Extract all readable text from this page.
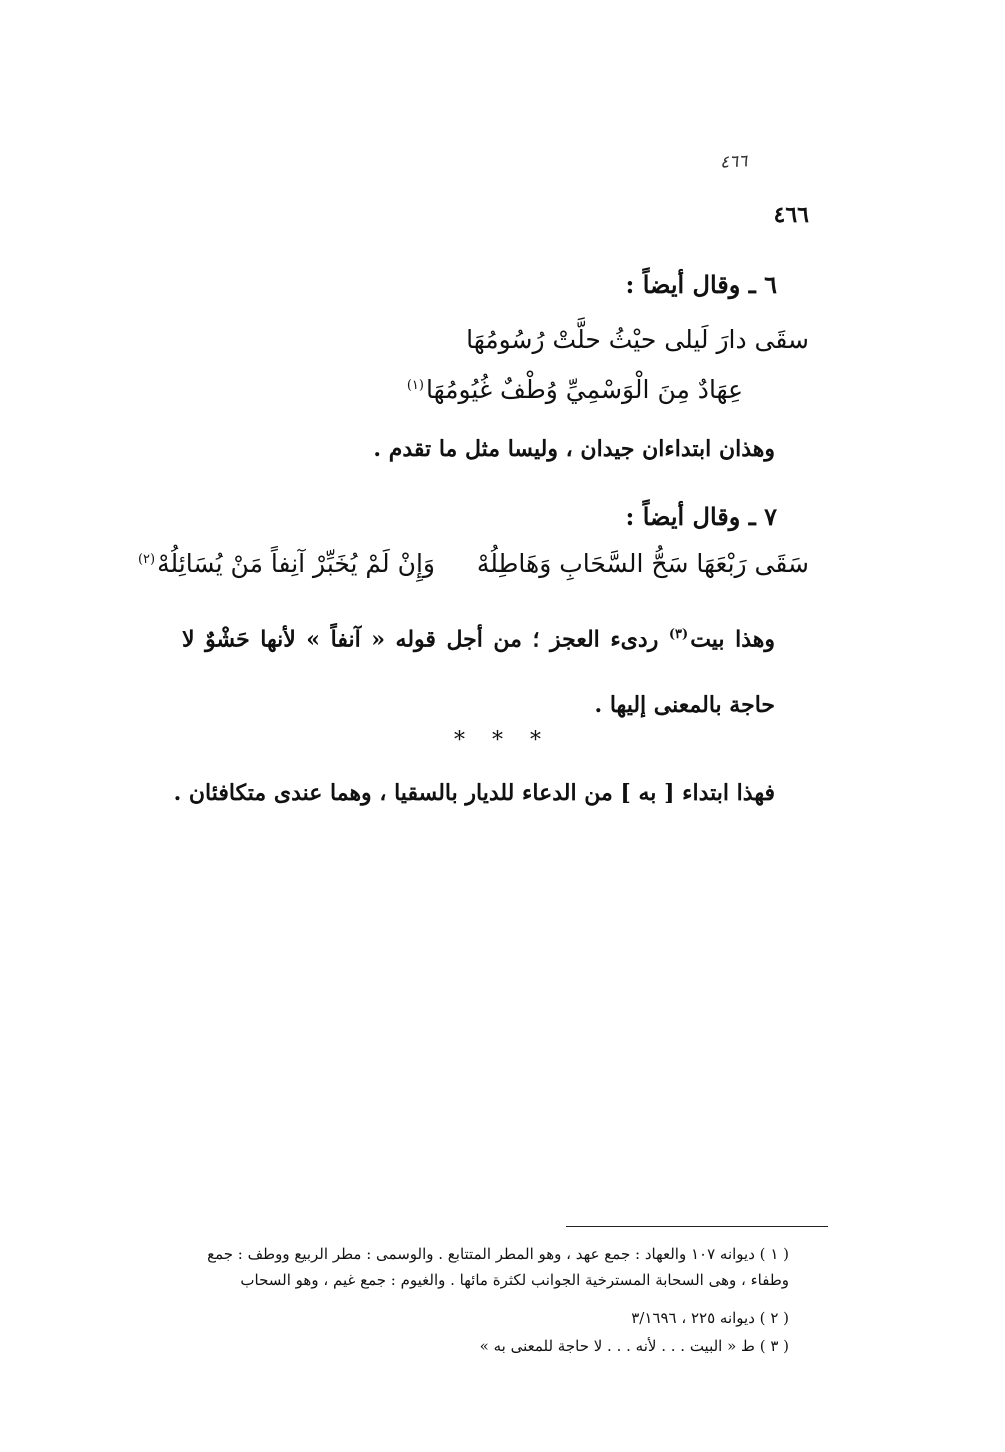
٤٦٦
٤٦٦
٦ ـ وقال أيضاً :
سقَى دارَ لَيلى حيْثُ حلَّتْ رُسُومُهَا
عِهَادٌ مِنَ الْوَسْمِيِّ وُطْفٌ غُيُومُهَا$^{(١)}$
وهذان ابتداءان جيدان ، وليسا مثل ما تقدم .
٧ ـ وقال أيضاً :
سَقَى رَبْعَهَا سَحُّ السَّحَابِ وَهَاطِلُهْ
وَإِنْ لَمْ يُخَبِّرْ آنِفاً مَنْ يُسَائِلُهْ$^{(٢)}$
وهذا بيت$^{(٣)}$ ردىء العجز ؛ من أجل قوله « آنفاً » لأنها حَشْوٌ لا حاجة بالمعنى إليها .
* * *
فهذا ابتداء [ به ] من الدعاء للديار بالسقيا ، وهما عندى متكافئان .
( ١ ) ديوانه ١٠٧ والعهاد : جمع عهد ، وهو المطر المتتابع . والوسمى : مطر الربيع ووطف : جمع وطفاء ، وهى السحابة المسترخية الجوانب لكثرة مائها . والغيوم : جمع غيم ، وهو السحاب
( ٢ ) ديوانه ٢٢٥ ، ٣/١٦٩٦
( ٣ ) ط « البيت . . . لأنه . . . لا حاجة للمعنى به »
